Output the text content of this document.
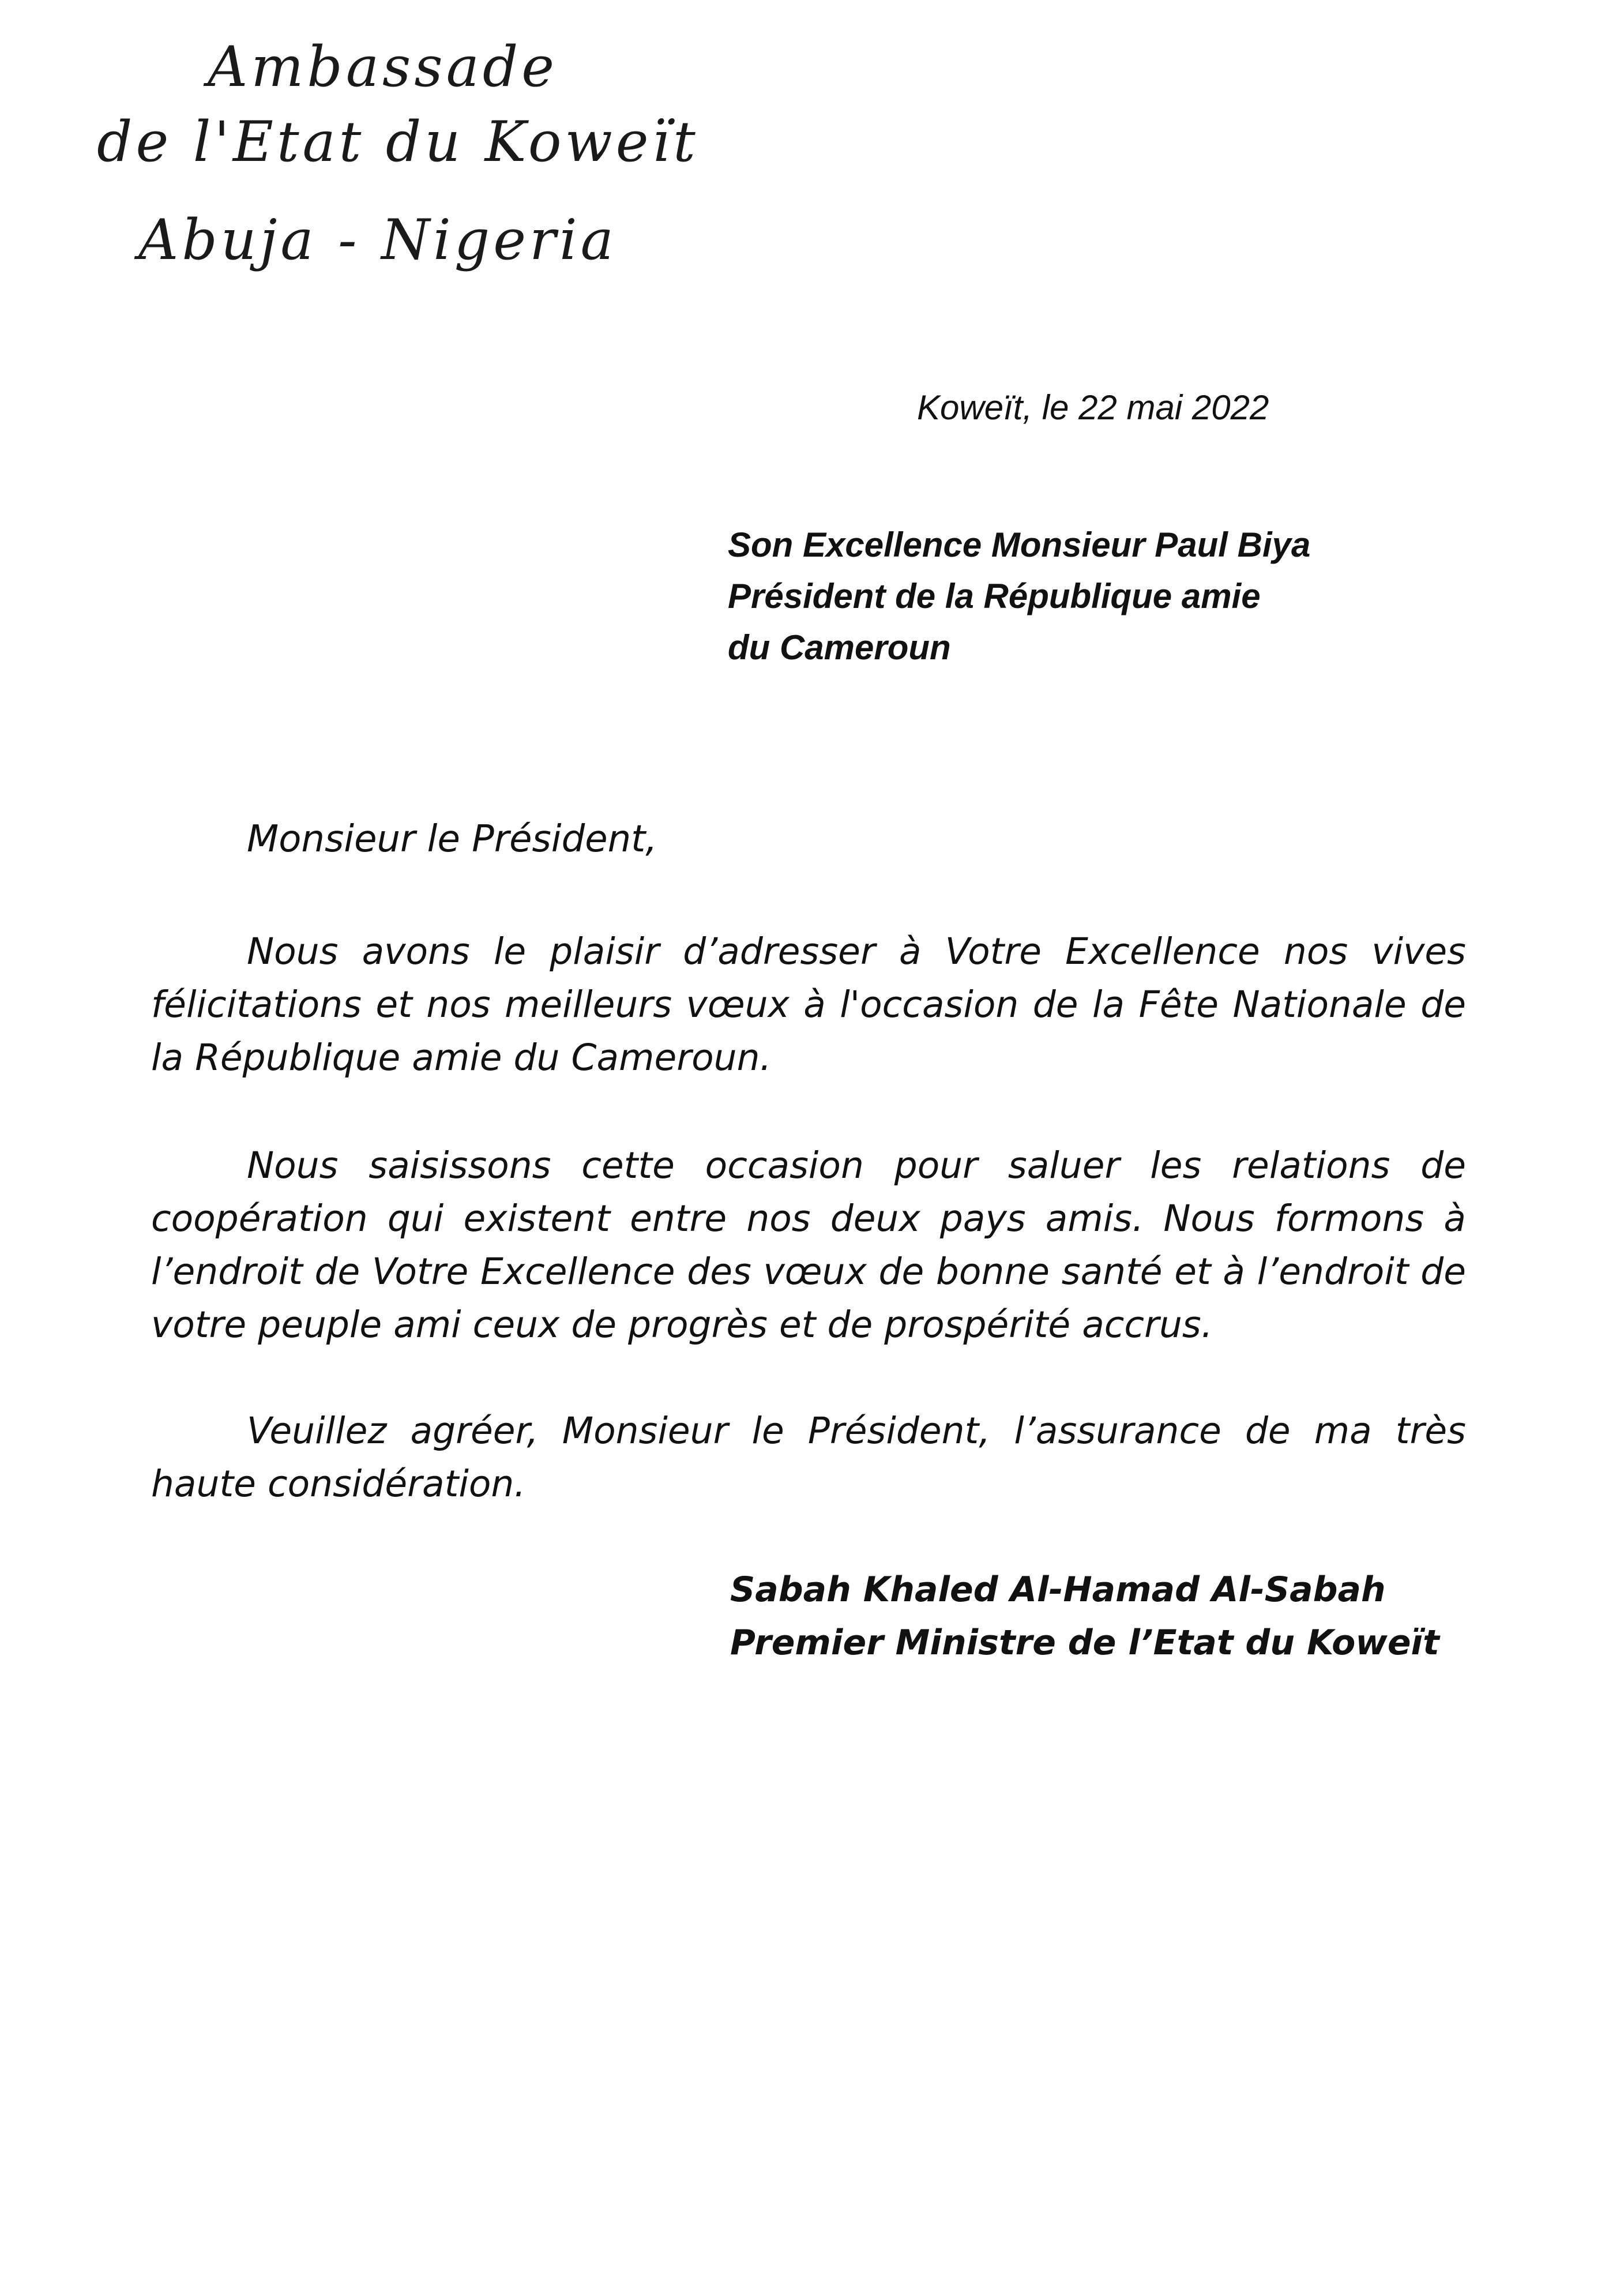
Ambassade
de l'Etat du Koweït
Abuja - Nigeria
Koweït, le 22 mai 2022
Son Excellence Monsieur Paul Biya
Président de la République amie
du Cameroun
Monsieur le Président,
Nous avons le plaisir d’adresser à Votre Excellence nos vives félicitations et nos meilleurs vœux à l'occasion de la Fête Nationale de la République amie du Cameroun.
Nous saisissons cette occasion pour saluer les relations de coopération qui existent entre nos deux pays amis. Nous formons à l’endroit de Votre Excellence des vœux de bonne santé et à l’endroit de votre peuple ami ceux de progrès et de prospérité accrus.
Veuillez agréer, Monsieur le Président, l’assurance de ma très haute considération.
Sabah Khaled Al-Hamad Al-Sabah
Premier Ministre de l’Etat du Koweït
